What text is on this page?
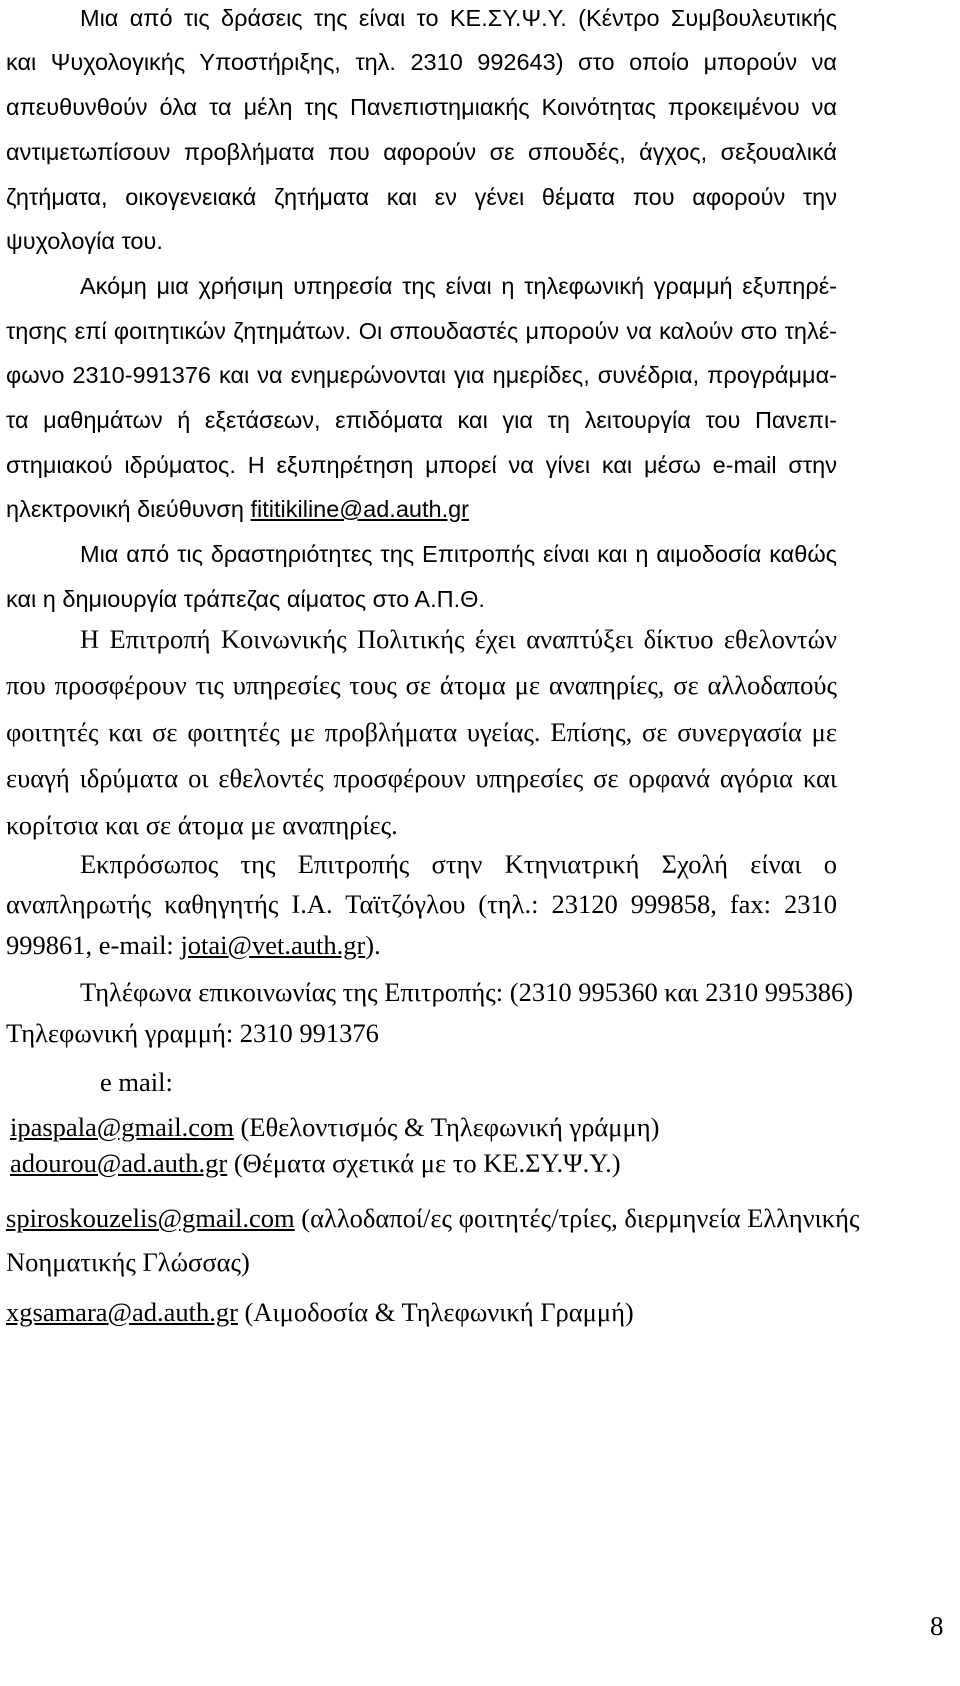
Μια από τις δράσεις της είναι το ΚΕ.ΣΥ.Ψ.Υ. (Κέντρο Συμβουλευτικής
και Ψυχολογικής Υποστήριξης, τηλ. 2310 992643) στο οποίο μπορούν να
απευθυνθούν όλα τα μέλη της Πανεπιστημιακής Κοινότητας προκειμένου να
αντιμετωπίσουν προβλήματα που αφορούν σε σπουδές, άγχος, σεξουαλικά
ζητήματα, οικογενειακά ζητήματα και εν γένει θέματα που αφορούν την
ψυχολογία του.
Ακόμη μια χρήσιμη υπηρεσία της είναι η τηλεφωνική γραμμή εξυπηρέ-
τησης επί φοιτητικών ζητημάτων. Οι σπουδαστές μπορούν να καλούν στο τηλέ-
φωνο 2310-991376 και να ενημερώνονται για ημερίδες, συνέδρια, προγράμμα-
τα μαθημάτων ή εξετάσεων, επιδόματα και για τη λειτουργία του Πανεπι-
στημιακού ιδρύματος. Η εξυπηρέτηση μπορεί να γίνει και μέσω e-mail στην
ηλεκτρονική διεύθυνση fititikiline@ad.auth.gr
Μια από τις δραστηριότητες της Επιτροπής είναι και η αιμοδοσία καθώς
και η δημιουργία τράπεζας αίματος στο Α.Π.Θ.
Η Επιτροπή Κοινωνικής Πολιτικής έχει αναπτύξει δίκτυο εθελοντών
που προσφέρουν τις υπηρεσίες τους σε άτομα με αναπηρίες, σε αλλοδαπούς
φοιτητές και σε φοιτητές με προβλήματα υγείας. Επίσης, σε συνεργασία με
ευαγή ιδρύματα οι εθελοντές προσφέρουν υπηρεσίες σε ορφανά αγόρια και
κορίτσια και σε άτομα με αναπηρίες.
Εκπρόσωπος της Επιτροπής στην Κτηνιατρική Σχολή είναι ο
αναπληρωτής καθηγητής Ι.Α. Ταϊτζόγλου (τηλ.: 23120 999858, fax: 2310
999861, e-mail: jotai@vet.auth.gr).
Τηλέφωνα επικοινωνίας της Επιτροπής: (2310 995360 και 2310 995386)
Τηλεφωνική γραμμή: 2310 991376
e mail:
ipaspala@gmail.com (Εθελοντισμός & Τηλεφωνική γράμμη)
adourou@ad.auth.gr (Θέματα σχετικά με το ΚΕ.ΣΥ.Ψ.Υ.)
spiroskouzelis@gmail.com (αλλοδαποί/ες φοιτητές/τρίες, διερμηνεία Ελληνικής
Νοηματικής Γλώσσας)
xgsamara@ad.auth.gr (Αιμοδοσία & Τηλεφωνική Γραμμή)
8
